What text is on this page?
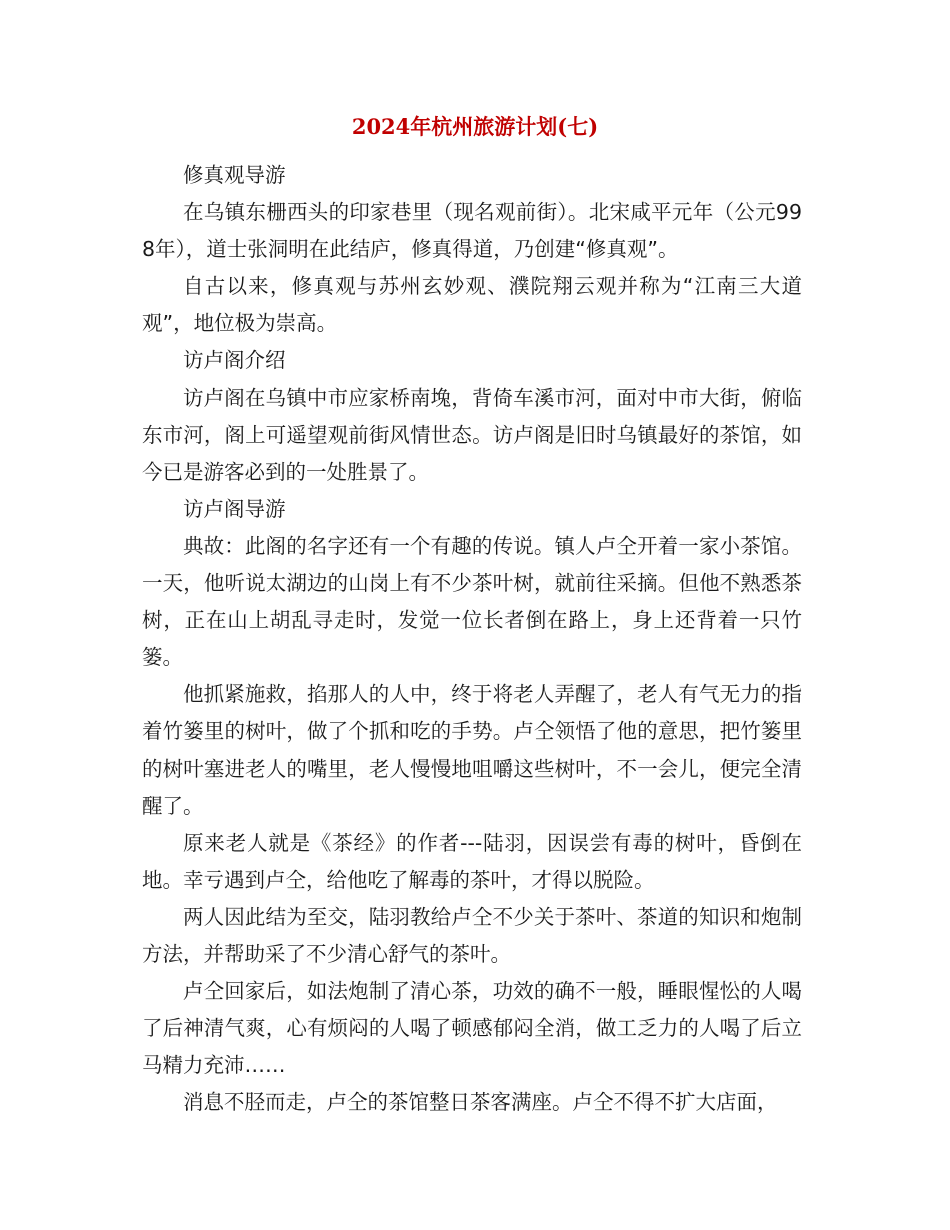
2024年杭州旅游计划(七)

修真观导游

在乌镇东栅西头的印家巷里（现名观前街）。北宋咸平元年（公元998年），道士张洞明在此结庐，修真得道，乃创建“修真观”。

自古以来，修真观与苏州玄妙观、濮院翔云观并称为“江南三大道观”，地位极为崇高。

访卢阁介绍

访卢阁在乌镇中市应家桥南堍，背倚车溪市河，面对中市大街，俯临东市河，阁上可遥望观前街风情世态。访卢阁是旧时乌镇最好的茶馆，如今已是游客必到的一处胜景了。

访卢阁导游

典故：此阁的名字还有一个有趣的传说。镇人卢仝开着一家小茶馆。一天，他听说太湖边的山岗上有不少茶叶树，就前往采摘。但他不熟悉茶树，正在山上胡乱寻走时，发觉一位长者倒在路上，身上还背着一只竹篓。

他抓紧施救，掐那人的人中，终于将老人弄醒了，老人有气无力的指着竹篓里的树叶，做了个抓和吃的手势。卢仝领悟了他的意思，把竹篓里的树叶塞进老人的嘴里，老人慢慢地咀嚼这些树叶，不一会儿，便完全清醒了。

原来老人就是《茶经》的作者---陆羽，因误尝有毒的树叶，昏倒在地。幸亏遇到卢仝，给他吃了解毒的茶叶，才得以脱险。

两人因此结为至交，陆羽教给卢仝不少关于茶叶、茶道的知识和炮制方法，并帮助采了不少清心舒气的茶叶。

卢仝回家后，如法炮制了清心茶，功效的确不一般，睡眼惺忪的人喝了后神清气爽，心有烦闷的人喝了顿感郁闷全消，做工乏力的人喝了后立马精力充沛……

消息不胫而走，卢仝的茶馆整日茶客满座。卢仝不得不扩大店面，
